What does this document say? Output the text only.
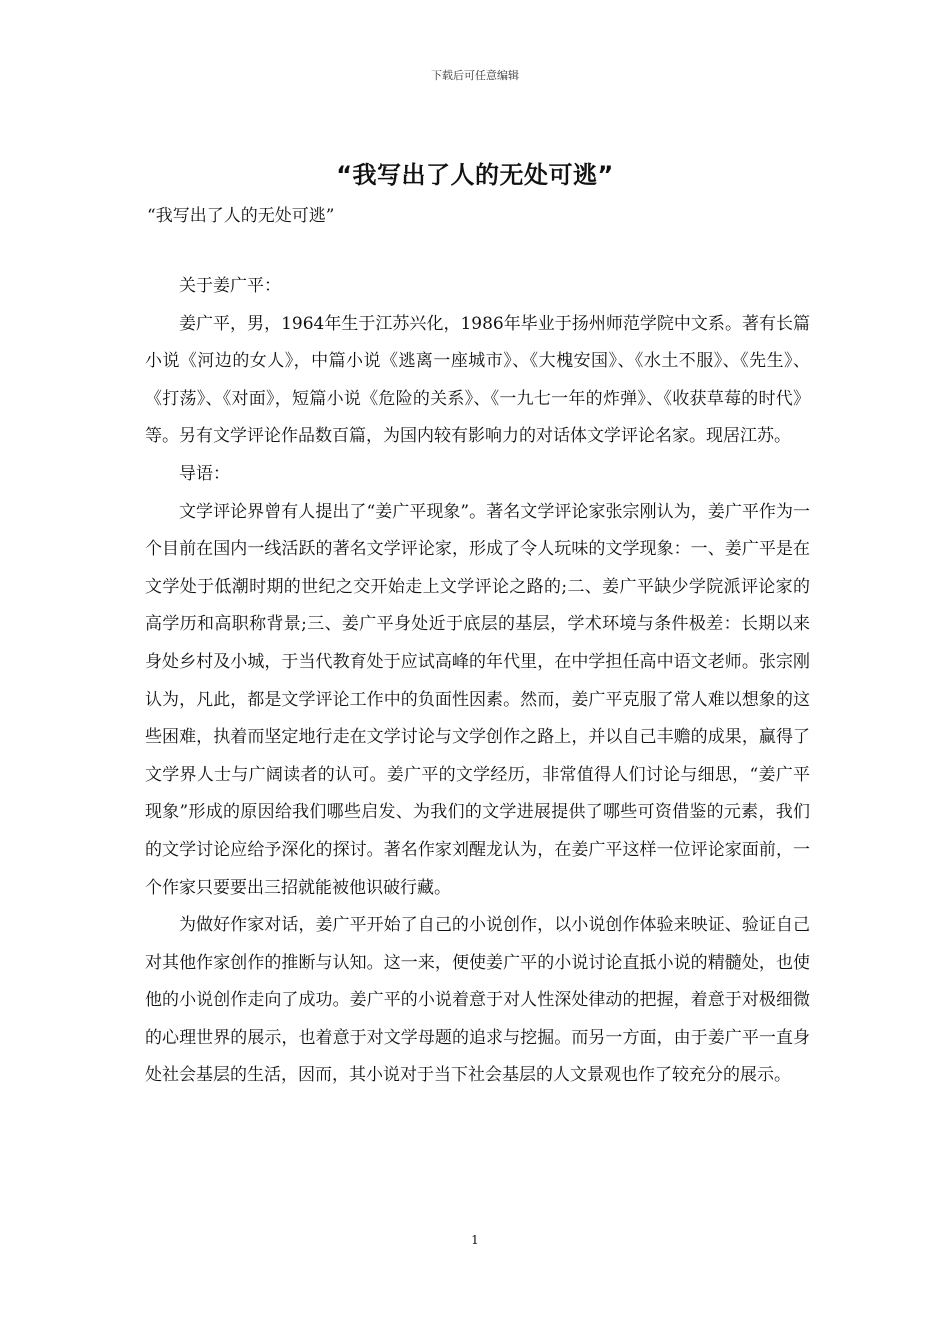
下载后可任意编辑
“我写出了人的无处可逃”
“我写出了人的无处可逃”

关于姜广平：

姜广平，男，1964年生于江苏兴化，1986年毕业于扬州师范学院中文系。著有长篇小说《河边的女人》，中篇小说《逃离一座城市》、《大槐安国》、《水土不服》、《先生》、《打荡》、《对面》，短篇小说《危险的关系》、《一九七一年的炸弹》、《收获草莓的时代》等。另有文学评论作品数百篇，为国内较有影响力的对话体文学评论名家。现居江苏。

导语：

文学评论界曾有人提出了“姜广平现象”。著名文学评论家张宗刚认为，姜广平作为一个目前在国内一线活跃的著名文学评论家，形成了令人玩味的文学现象：一、姜广平是在文学处于低潮时期的世纪之交开始走上文学评论之路的;二、姜广平缺少学院派评论家的高学历和高职称背景;三、姜广平身处近于底层的基层，学术环境与条件极差：长期以来身处乡村及小城，于当代教育处于应试高峰的年代里，在中学担任高中语文老师。张宗刚认为，凡此，都是文学评论工作中的负面性因素。然而，姜广平克服了常人难以想象的这些困难，执着而坚定地行走在文学讨论与文学创作之路上，并以自己丰赡的成果，赢得了文学界人士与广阔读者的认可。姜广平的文学经历，非常值得人们讨论与细思，“姜广平现象”形成的原因给我们哪些启发、为我们的文学进展提供了哪些可资借鉴的元素，我们的文学讨论应给予深化的探讨。著名作家刘醒龙认为，在姜广平这样一位评论家面前，一个作家只要要出三招就能被他识破行藏。

为做好作家对话，姜广平开始了自己的小说创作，以小说创作体验来映证、验证自己对其他作家创作的推断与认知。这一来，便使姜广平的小说讨论直抵小说的精髓处，也使他的小说创作走向了成功。姜广平的小说着意于对人性深处律动的把握，着意于对极细微的心理世界的展示，也着意于对文学母题的追求与挖掘。而另一方面，由于姜广平一直身处社会基层的生活，因而，其小说对于当下社会基层的人文景观也作了较充分的展示。

1
